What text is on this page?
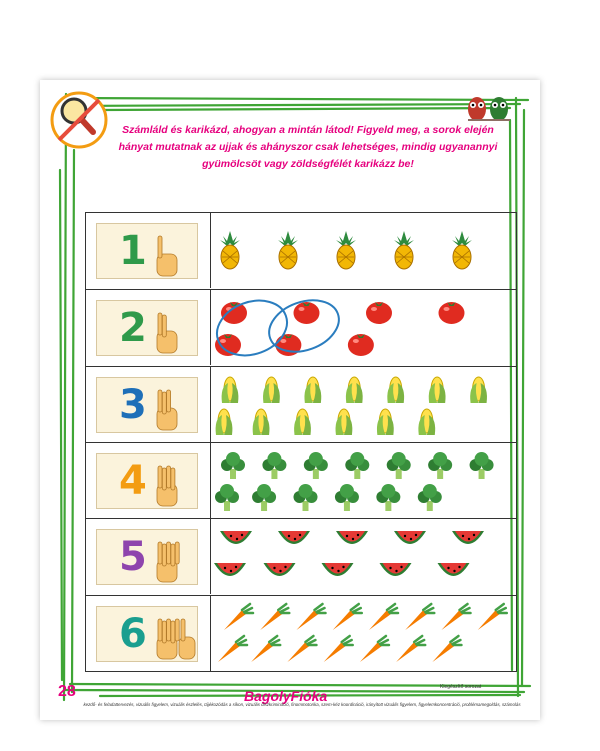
Számláld és karikázd, ahogyan a mintán látod! Figyeld meg, a sorok elején hányat mutatnak az ujjak és ahányszor csak lehetséges, mindig ugyanannyi gyümölcsöt vagy zöldségfélét karikázz be!
1
2
3
4
5
6
28	BagolyFióka
Kiegészítő sorozat
kezdő- és feladattervezés, vizuális figyelem, vizuális észlelés, tájékozódás a síkon, vizuális diszkrimináció, finommotorika, szem-kéz koordináció, irányított vizuális figyelem, figyelemkoncentráció, problémamegoldás, számolás
